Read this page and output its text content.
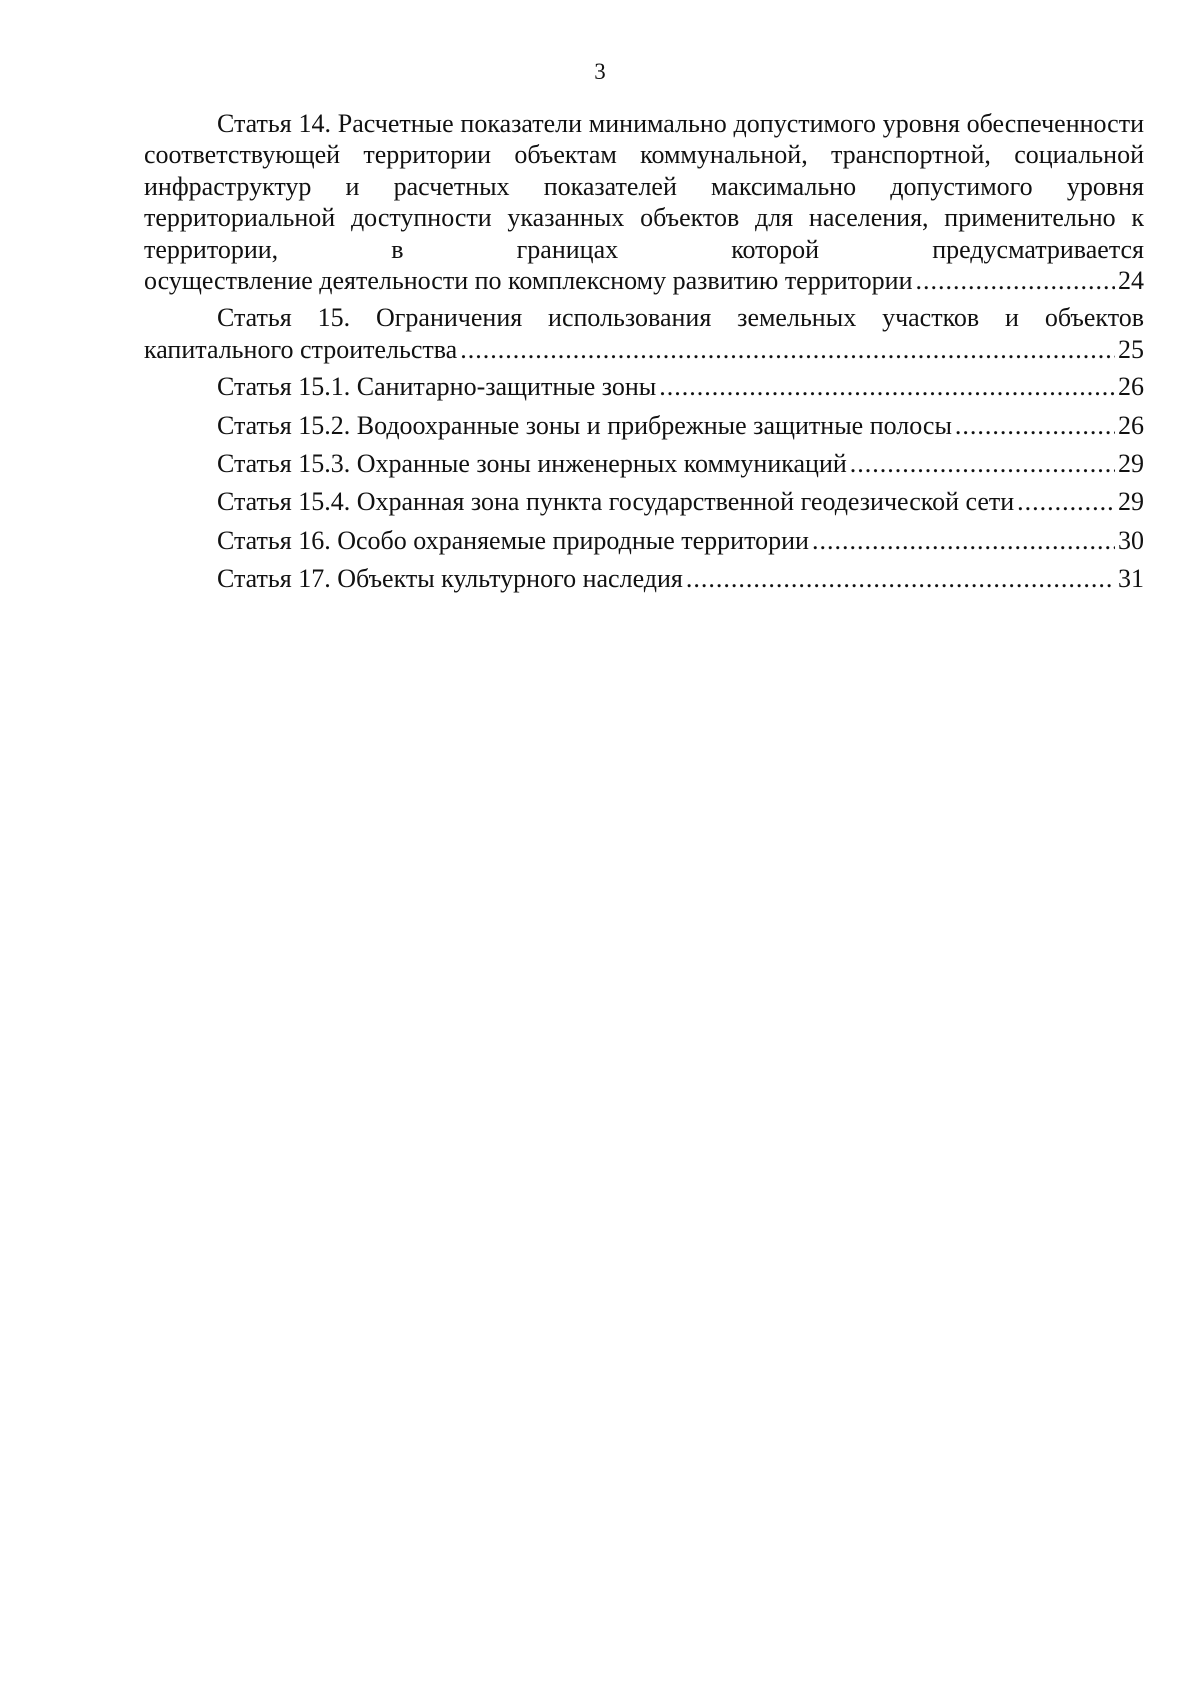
3
Статья 14. Расчетные показатели минимально допустимого уровня обеспеченности соответствующей территории объектам коммунальной, транспортной, социальной инфраструктур и расчетных показателей максимально допустимого уровня территориальной доступности указанных объектов для населения, применительно к территории, в границах которой предусматривается
осуществление деятельности по комплексному развитию территории .....	24
Статья 15. Ограничения использования земельных участков и объектов
капитального строительства .....	25
Статья 15.1. Санитарно-защитные зоны .....	26
Статья 15.2. Водоохранные зоны и прибрежные защитные полосы .....	26
Статья 15.3. Охранные зоны инженерных коммуникаций .....	29
Статья 15.4. Охранная зона пункта государственной геодезической сети .....	29
Статья 16. Особо охраняемые природные территории .....	30
Статья 17. Объекты культурного наследия .....	31
